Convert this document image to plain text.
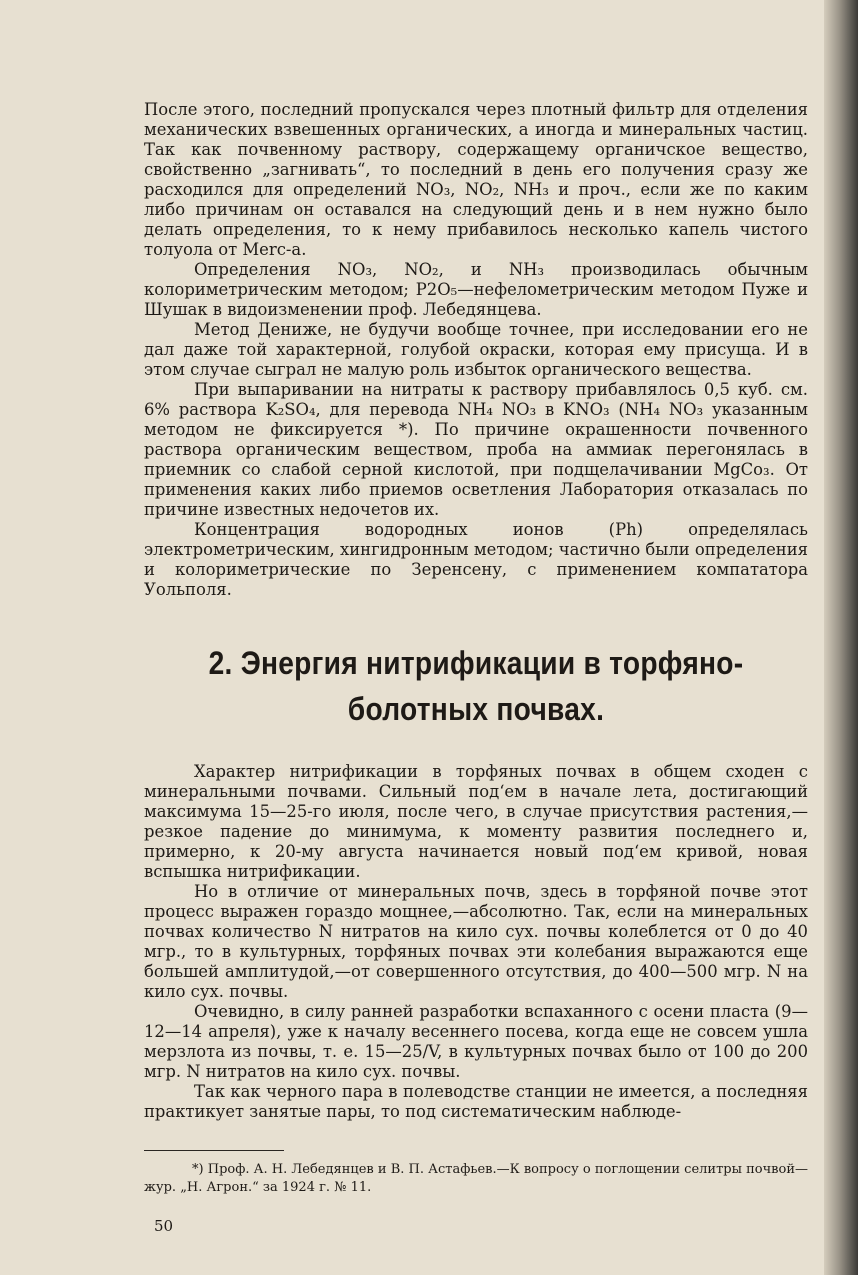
После этого, последний пропускался через плотный фильтр для отделения механических взвешенных органических, а иногда и минеральных частиц. Так как почвенному раствору, содержащему органичское вещество, свойственно „загнивать“, то последний в день его получения сразу же расходился для определений NO₃, NO₂, NH₃ и проч., если же по каким либо причинам он оставался на следующий день и в нем нужно было делать определения, то к нему прибавилось несколько капель чистого толуола от Merc-а.

Определения NO₃, NO₂, и NH₃ производилась обычным колориметрическим методом; P2O₅—нефелометрическим методом Пуже и Шушак в видоизменении проф. Лебедянцева.

Метод Дениже, не будучи вообще точнее, при исследовании его не дал даже той характерной, голубой окраски, которая ему присуща. И в этом случае сыграл не малую роль избыток органического вещества.

При выпаривании на нитраты к раствору прибавлялось 0,5 куб. см. 6% раствора K₂SO₄, для перевода NH₄ NO₃ в KNO₃ (NH₄ NO₃ указанным методом не фиксируется *). По причине окрашенности почвенного раствора органическим веществом, проба на аммиак перегонялась в приемник со слабой серной кислотой, при подщелачивании MgCo₃. От применения каких либо приемов осветления Лаборатория отказалась по причине известных недочетов их.

Концентрация водородных ионов (Ph) определялась электрометрическим, хингидронным методом; частично были определения и колориметрические по Зеренсену, с применением компататора Уольполя.

2. Энергия нитрификации в торфяно-
болотных почвах.

Характер нитрификации в торфяных почвах в общем сходен с минеральными почвами. Сильный под‘ем в начале лета, достигающий максимума 15—25-го июля, после чего, в случае присутствия растения,—резкое падение до минимума, к моменту развития последнего и, примерно, к 20-му августа начинается новый под‘ем кривой, новая вспышка нитрификации.

Но в отличие от минеральных почв, здесь в торфяной почве этот процесс выражен гораздо мощнее,—абсолютно. Так, если на минеральных почвах количество N нитратов на кило сух. почвы колеблется от 0 до 40 мгр., то в культурных, торфяных почвах эти колебания выражаются еще большей амплитудой,—от совершенного отсутствия, до 400—500 мгр. N на кило сух. почвы.

Очевидно, в силу ранней разработки вспаханного с осени пласта (9—12—14 апреля), уже к началу весеннего посева, когда еще не совсем ушла мерзлота из почвы, т. е. 15—25/V, в культурных почвах было от 100 до 200 мгр. N нитратов на кило сух. почвы.

Так как черного пара в полеводстве станции не имеется, а последняя практикует занятые пары, то под систематическим наблюде-

*) Проф. А. Н. Лебедянцев и В. П. Астафьев.—К вопросу о поглощении селитры почвой—жур. „Н. Агрон.“ за 1924 г. № 11.

50
